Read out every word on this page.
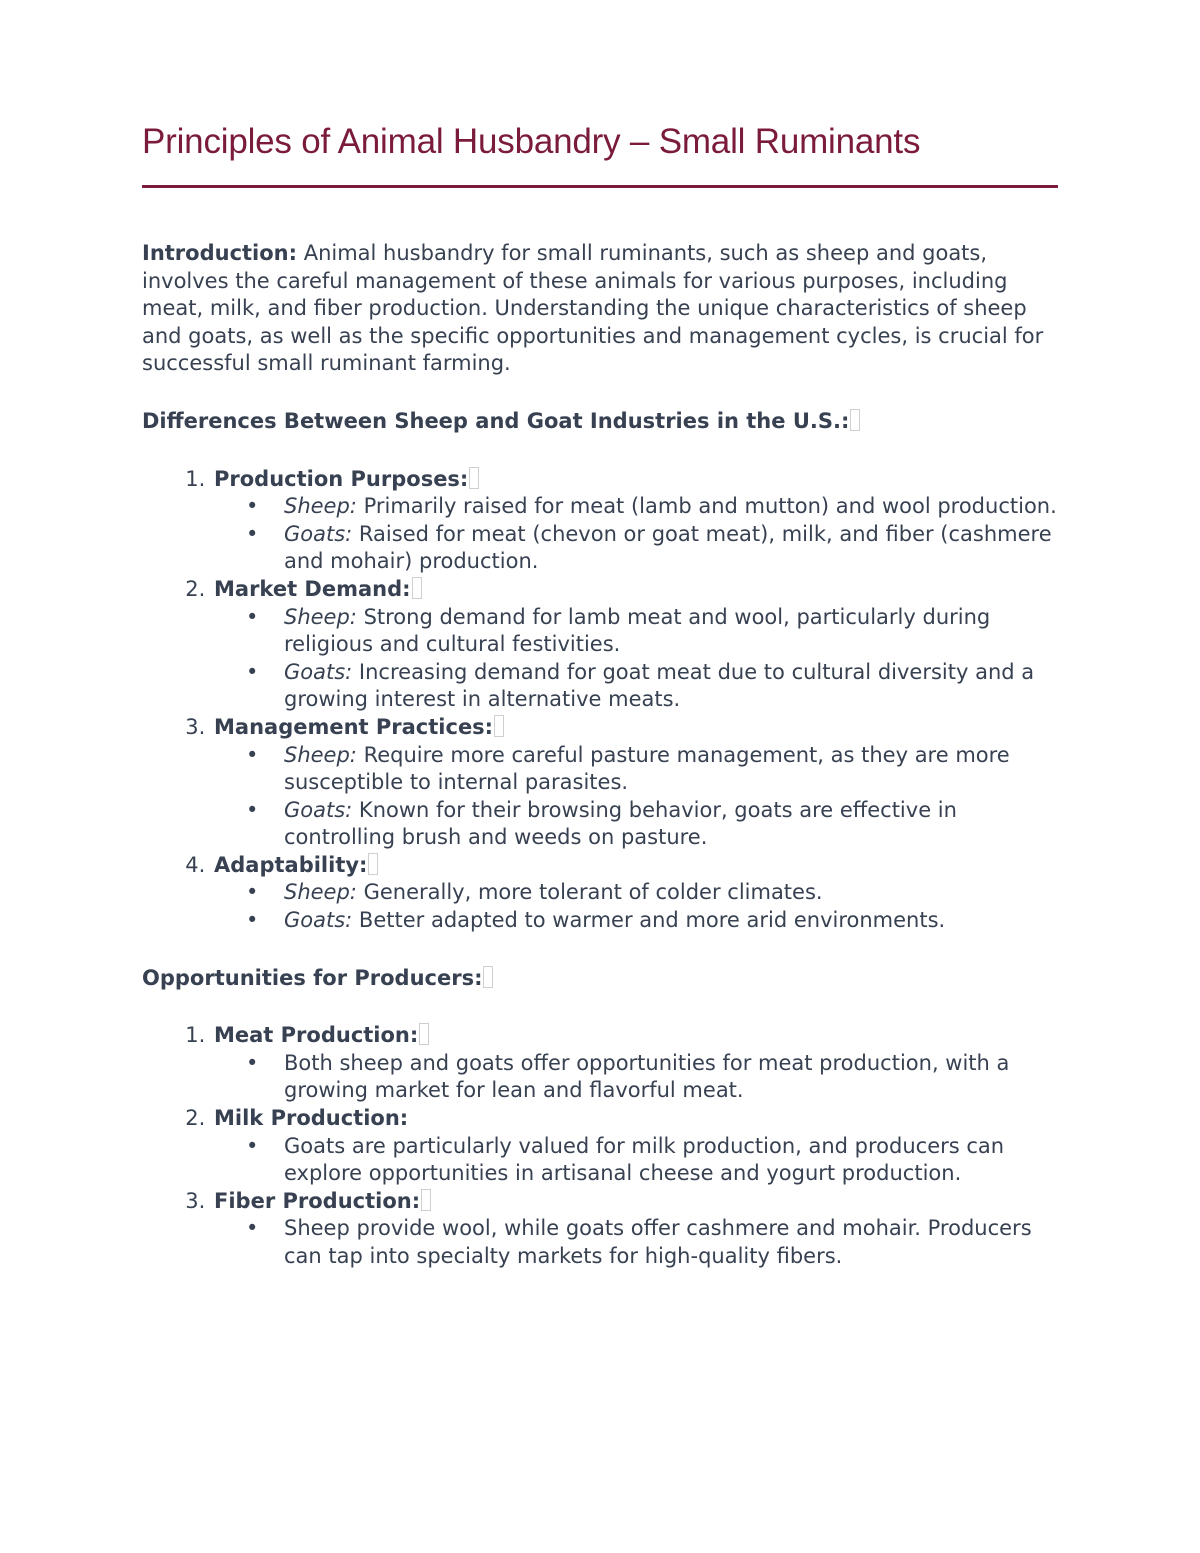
Principles of Animal Husbandry – Small Ruminants

Introduction: Animal husbandry for small ruminants, such as sheep and goats, involves the careful management of these animals for various purposes, including meat, milk, and fiber production. Understanding the unique characteristics of sheep and goats, as well as the specific opportunities and management cycles, is crucial for successful small ruminant farming.

Differences Between Sheep and Goat Industries in the U.S.:

1. Production Purposes:
• Sheep: Primarily raised for meat (lamb and mutton) and wool production.
• Goats: Raised for meat (chevon or goat meat), milk, and fiber (cashmere and mohair) production.
2. Market Demand:
• Sheep: Strong demand for lamb meat and wool, particularly during religious and cultural festivities.
• Goats: Increasing demand for goat meat due to cultural diversity and a growing interest in alternative meats.
3. Management Practices:
• Sheep: Require more careful pasture management, as they are more susceptible to internal parasites.
• Goats: Known for their browsing behavior, goats are effective in controlling brush and weeds on pasture.
4. Adaptability:
• Sheep: Generally, more tolerant of colder climates.
• Goats: Better adapted to warmer and more arid environments.

Opportunities for Producers:

1. Meat Production:
• Both sheep and goats offer opportunities for meat production, with a growing market for lean and flavorful meat.
2. Milk Production:
• Goats are particularly valued for milk production, and producers can explore opportunities in artisanal cheese and yogurt production.
3. Fiber Production:
• Sheep provide wool, while goats offer cashmere and mohair. Producers can tap into specialty markets for high-quality fibers.
